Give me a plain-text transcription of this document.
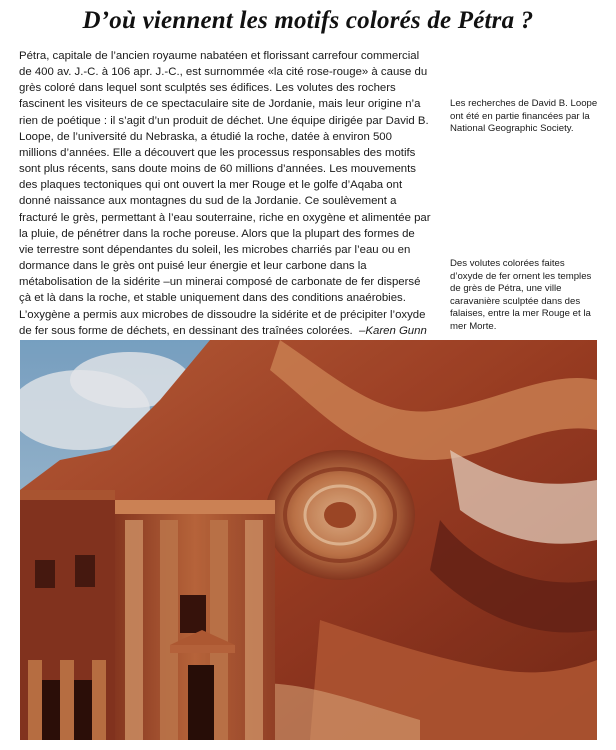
D’où viennent les motifs colorés de Pétra ?

Pétra, capitale de l’ancien royaume nabatéen et florissant carrefour commercial de 400 av. J.-C. à 106 apr. J.-C., est surnommée «la cité rose-rouge» à cause du grès coloré dans lequel sont sculptés ses édifices. Les volutes des rochers fascinent les visiteurs de ce spectaculaire site de Jordanie, mais leur origine n’a rien de poétique : il s’agit d’un produit de déchet. Une équipe dirigée par David B. Loope, de l’université du Nebraska, a étudié la roche, datée à environ 500 millions d’années. Elle a découvert que les processus responsables des motifs sont plus récents, sans doute moins de 60 millions d’années. Les mouvements des plaques tectoniques qui ont ouvert la mer Rouge et le golfe d’Aqaba ont donné naissance aux montagnes du sud de la Jordanie. Ce soulèvement a fracturé le grès, permettant à l’eau souterraine, riche en oxygène et alimentée par la pluie, de pénétrer dans la roche poreuse. Alors que la plupart des formes de vie terrestre sont dépendantes du soleil, les microbes charriés par l’eau ou en dormance dans le grès ont puisé leur énergie et leur carbone dans la métabolisation de la sidérite –un minerai composé de carbonate de fer dispersé çà et là dans la roche, et stable uniquement dans des conditions anaérobies. L’oxygène a permis aux microbes de dissoudre la sidérite et de précipiter l’oxyde de fer sous forme de déchets, en dessinant des traînées colorées. –Karen Gunn

Les recherches de David B. Loope ont été en partie financées par la National Geographic Society.

Des volutes colorées faites d’oxyde de fer ornent les temples de grès de Pétra, une ville caravanière sculptée dans des falaises, entre la mer Rouge et la mer Morte.
